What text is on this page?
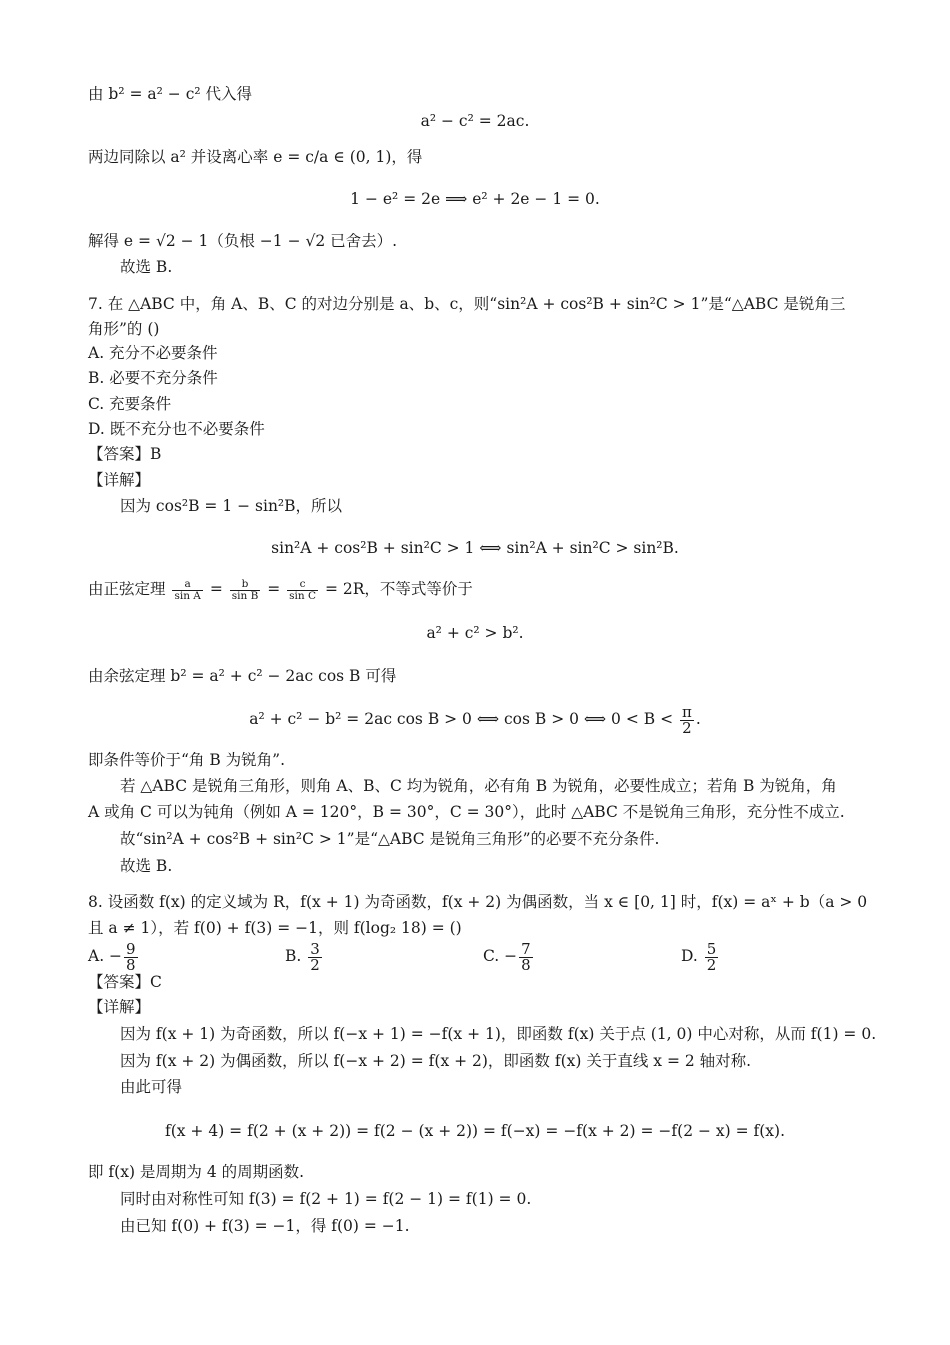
由 b² = a² − c² 代入得
a² − c² = 2ac.
两边同除以 a² 并设离心率 e = c/a ∈ (0, 1)，得
1 − e² = 2e ⟹ e² + 2e − 1 = 0.
解得 e = √2 − 1（负根 −1 − √2 已舍去）.
故选 B.
7. 在 △ABC 中，角 A、B、C 的对边分别是 a、b、c，则“sin²A + cos²B + sin²C > 1”是“△ABC 是锐角三
角形”的 ()
A. 充分不必要条件
B. 必要不充分条件
C. 充要条件
D. 既不充分也不必要条件
【答案】B
【详解】
因为 cos²B = 1 − sin²B，所以
sin²A + cos²B + sin²C > 1 ⟺ sin²A + sin²C > sin²B.
由正弦定理 $\frac{a}{\text{sin A}} = \frac{b}{\text{sin B}} = \frac{c}{\text{sin C}} = 2R$，不等式等价于
a² + c² > b².
由余弦定理 b² = a² + c² − 2ac cos B 可得
a² + c² − b² = 2ac cos B > 0 ⟺ cos B > 0 ⟺ $0 < B < \frac{\pi}{2}$ .
即条件等价于“角 B 为锐角”.
若 △ABC 是锐角三角形，则角 A、B、C 均为锐角，必有角 B 为锐角，必要性成立；若角 B 为锐角，角
A 或角 C 可以为钝角（例如 A = 120°，B = 30°，C = 30°），此时 △ABC 不是锐角三角形，充分性不成立.
故“sin²A + cos²B + sin²C > 1”是“△ABC 是锐角三角形”的必要不充分条件.
故选 B.
8. 设函数 f(x) 的定义域为 R，f(x + 1) 为奇函数，f(x + 2) 为偶函数，当 x ∈ [0, 1] 时，f(x) = aˣ + b（a > 0
且 a ≠ 1），若 f(0) + f(3) = −1，则 f(log₂ 18) = ()
A. − $\frac{9}{8}$	B. $\frac{3}{2}$	C. − $\frac{7}{8}$	D. $\frac{5}{2}$
【答案】C
【详解】
因为 f(x + 1) 为奇函数，所以 f(−x + 1) = −f(x + 1)，即函数 f(x) 关于点 (1, 0) 中心对称，从而 f(1) = 0.
因为 f(x + 2) 为偶函数，所以 f(−x + 2) = f(x + 2)，即函数 f(x) 关于直线 x = 2 轴对称.
由此可得
f(x + 4) = f(2 + (x + 2)) = f(2 − (x + 2)) = f(−x) = −f(x + 2) = −f(2 − x) = f(x).
即 f(x) 是周期为 4 的周期函数.
同时由对称性可知 f(3) = f(2 + 1) = f(2 − 1) = f(1) = 0.
由已知 f(0) + f(3) = −1，得 f(0) = −1.
